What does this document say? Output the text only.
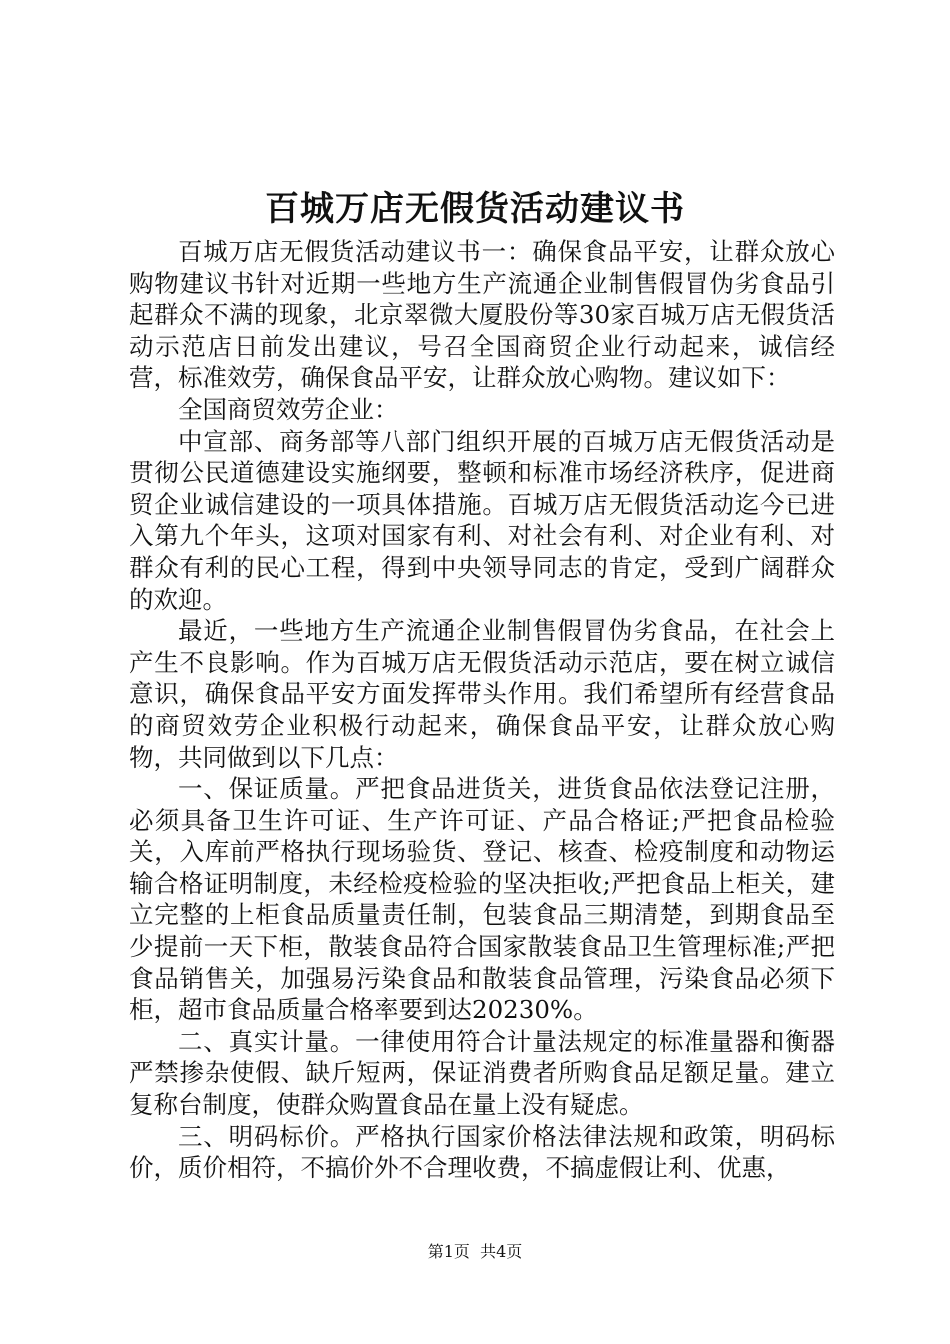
百城万店无假货活动建议书

百城万店无假货活动建议书一：确保食品平安，让群众放心购物建议书针对近期一些地方生产流通企业制售假冒伪劣食品引起群众不满的现象，北京翠微大厦股份等30家百城万店无假货活动示范店日前发出建议，号召全国商贸企业行动起来，诚信经营，标准效劳，确保食品平安，让群众放心购物。建议如下：

全国商贸效劳企业：

中宣部、商务部等八部门组织开展的百城万店无假货活动是贯彻公民道德建设实施纲要，整顿和标准市场经济秩序，促进商贸企业诚信建设的一项具体措施。百城万店无假货活动迄今已进入第九个年头，这项对国家有利、对社会有利、对企业有利、对群众有利的民心工程，得到中央领导同志的肯定，受到广阔群众的欢迎。

最近，一些地方生产流通企业制售假冒伪劣食品，在社会上产生不良影响。作为百城万店无假货活动示范店，要在树立诚信意识，确保食品平安方面发挥带头作用。我们希望所有经营食品的商贸效劳企业积极行动起来，确保食品平安，让群众放心购物，共同做到以下几点：

一、保证质量。严把食品进货关，进货食品依法登记注册，必须具备卫生许可证、生产许可证、产品合格证;严把食品检验关，入库前严格执行现场验货、登记、核查、检疫制度和动物运输合格证明制度，未经检疫检验的坚决拒收;严把食品上柜关，建立完整的上柜食品质量责任制，包装食品三期清楚，到期食品至少提前一天下柜，散装食品符合国家散装食品卫生管理标准;严把食品销售关，加强易污染食品和散装食品管理，污染食品必须下柜，超市食品质量合格率要到达20230%。

二、真实计量。一律使用符合计量法规定的标准量器和衡器严禁掺杂使假、缺斤短两，保证消费者所购食品足额足量。建立复称台制度，使群众购置食品在量上没有疑虑。

三、明码标价。严格执行国家价格法律法规和政策，明码标价，质价相符，不搞价外不合理收费，不搞虚假让利、优惠，

第1页 共4页
